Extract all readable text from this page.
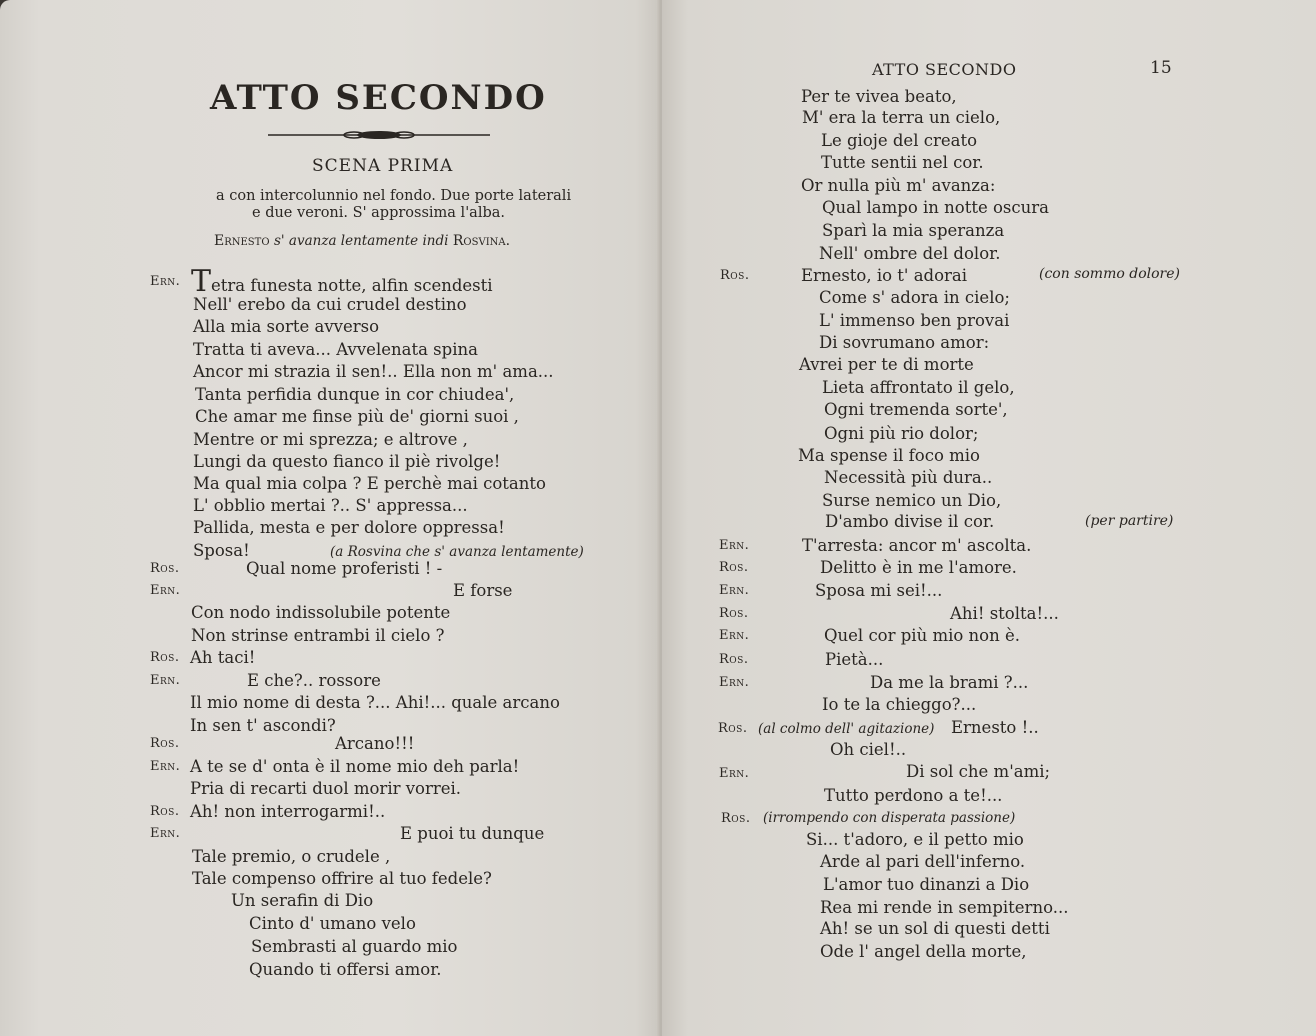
ATTO SECONDO
SCENA PRIMA
a con intercolunnio nel fondo. Due porte laterali
e due veroni. S' approssima l'alba.
Ernesto s' avanza lentamente indi Rosvina.
Ern. Tetra funesta notte, alfin scendesti
Nell' erebo da cui crudel destino
Alla mia sorte avverso
Tratta ti aveva... Avvelenata spina
Ancor mi strazia il sen!.. Ella non m' ama...
Tanta perfidia dunque in cor chiudea',
Che amar me finse più de' giorni suoi ,
Mentre or mi sprezza; e altrove ,
Lungi da questo fianco il piè rivolge!
Ma qual mia colpa ? E perchè mai cotanto
L' obblio mertai ?.. S' appressa...
Pallida, mesta e per dolore oppressa!
Sposa!	(a Rosvina che s' avanza lentamente)
Ros.	Qual nome proferisti ! -
Ern.	E forse
Con nodo indissolubile potente
Non strinse entrambi il cielo ?
Ros. Ah taci!
Ern.	E che?.. rossore
Il mio nome di desta ?... Ahi!... quale arcano
In sen t' ascondi?
Ros.	Arcano!!!
Ern. A te se d' onta è il nome mio deh parla!
Pria di recarti duol morir vorrei.
Ros. Ah! non interrogarmi!..
Ern.	E puoi tu dunque
Tale premio, o crudele ,
Tale compenso offrire al tuo fedele?
Un serafin di Dio
Cinto d' umano velo
Sembrasti al guardo mio
Quando ti offersi amor.
ATTO SECONDO	15
Per te vivea beato,
M' era la terra un cielo,
Le gioje del creato
Tutte sentii nel cor.
Or nulla più m' avanza:
Qual lampo in notte oscura
Sparì la mia speranza
Nell' ombre del dolor.
Ros.	Ernesto, io t' adorai	(con sommo dolore)
Come s' adora in cielo;
L' immenso ben provai
Di sovrumano amor:
Avrei per te di morte
Lieta affrontato il gelo,
Ogni tremenda sorte',
Ogni più rio dolor;
Ma spense il foco mio
Necessità più dura..
Surse nemico un Dio,
D'ambo divise il cor.	(per partire)
Ern.	T'arresta: ancor m' ascolta.
Ros.	Delitto è in me l'amore.
Ern.	Sposa mi sei!...
Ros.	Ahi! stolta!...
Ern.	Quel cor più mio non è.
Ros.	Pietà...
Ern.	Da me la brami ?...
Io te la chieggo?...
Ros. (al colmo dell' agitazione) Ernesto !..
Oh ciel!..
Ern.	Di sol che m'ami;
Tutto perdono a te!...
Ros. (irrompendo con disperata passione)
Si... t'adoro, e il petto mio
Arde al pari dell'inferno.
L'amor tuo dinanzi a Dio
Rea mi rende in sempiterno...
Ah! se un sol di questi detti
Ode l' angel della morte,
